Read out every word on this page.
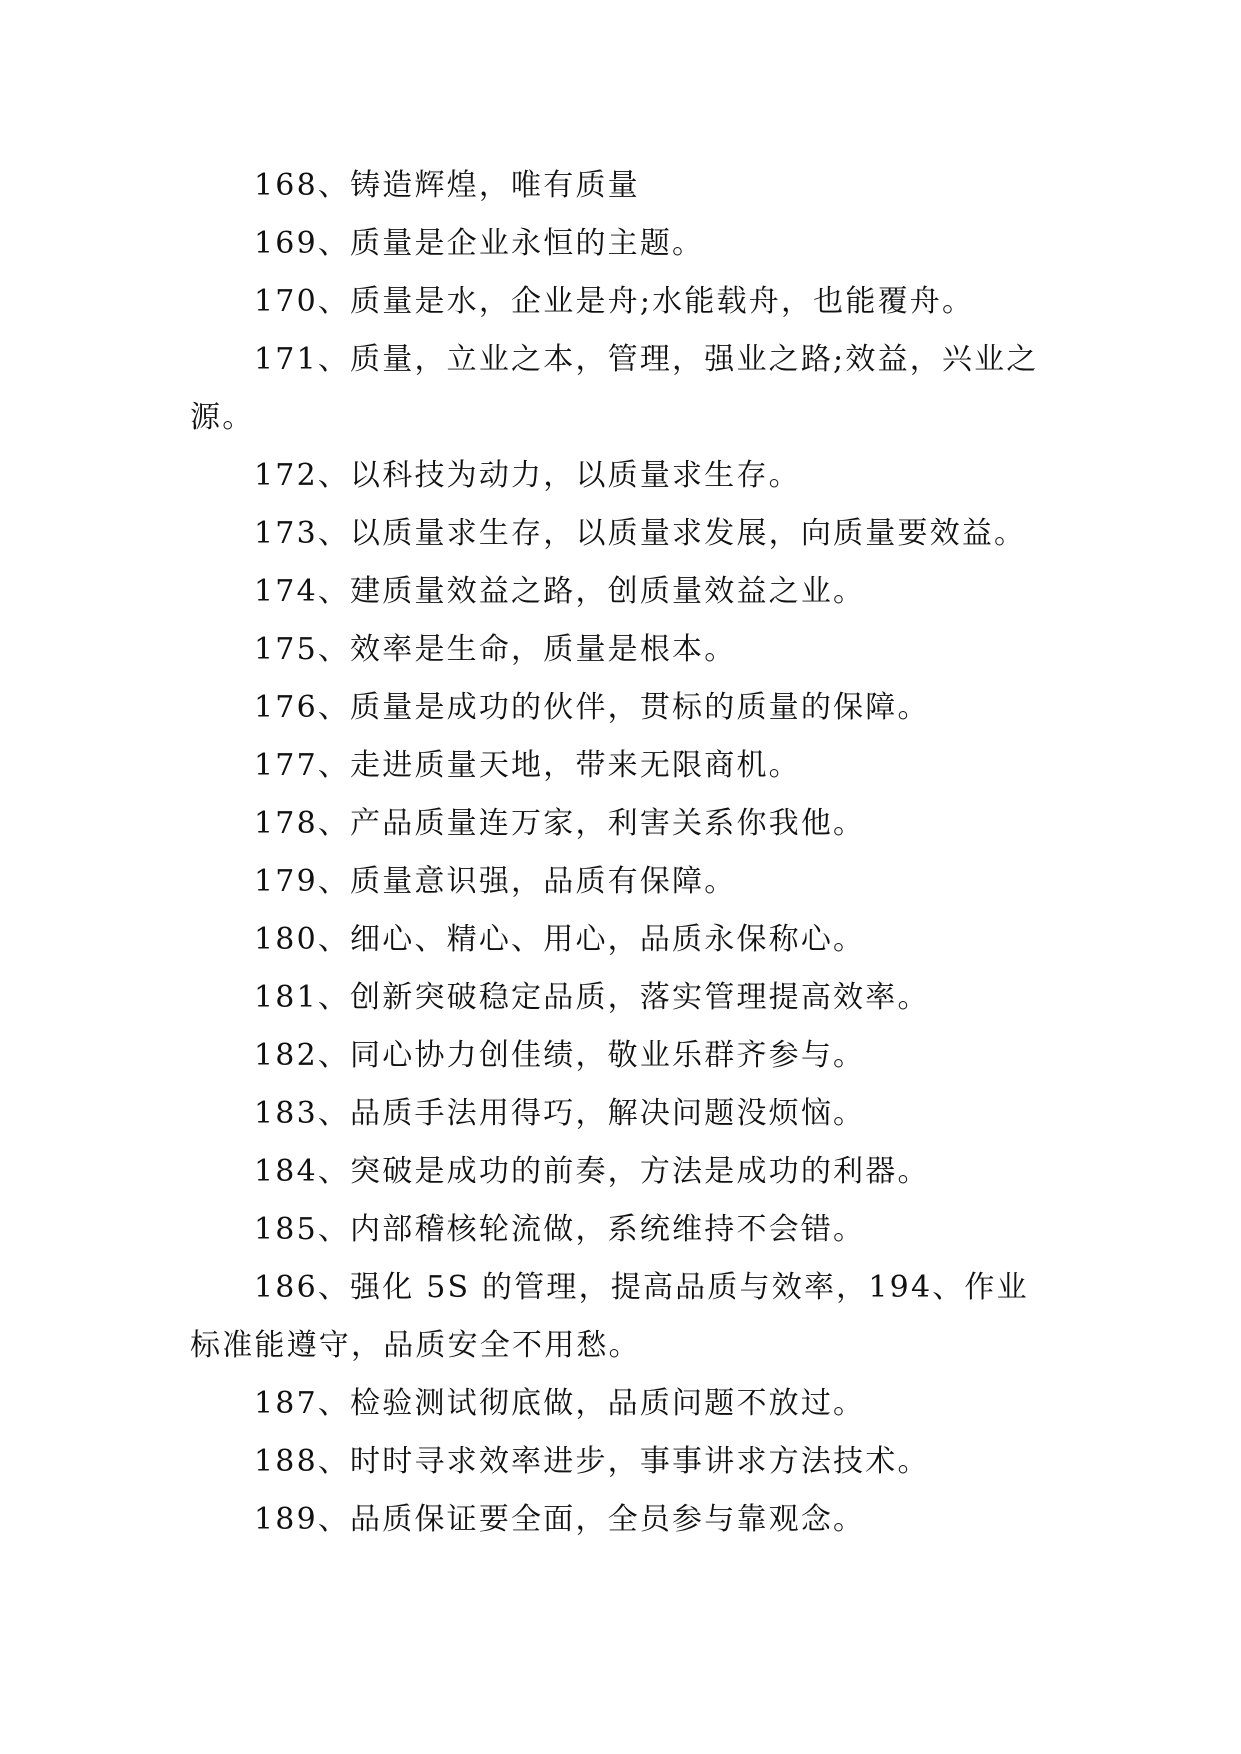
168、铸造辉煌，唯有质量

169、质量是企业永恒的主题。

170、质量是水，企业是舟;水能载舟，也能覆舟。

171、质量，立业之本，管理，强业之路;效益，兴业之源。

172、以科技为动力，以质量求生存。

173、以质量求生存，以质量求发展，向质量要效益。

174、建质量效益之路，创质量效益之业。

175、效率是生命，质量是根本。

176、质量是成功的伙伴，贯标的质量的保障。

177、走进质量天地，带来无限商机。

178、产品质量连万家，利害关系你我他。

179、质量意识强，品质有保障。

180、细心、精心、用心，品质永保称心。

181、创新突破稳定品质，落实管理提高效率。

182、同心协力创佳绩，敬业乐群齐参与。

183、品质手法用得巧，解决问题没烦恼。

184、突破是成功的前奏，方法是成功的利器。

185、内部稽核轮流做，系统维持不会错。

186、强化 5S 的管理，提高品质与效率，194、作业标准能遵守，品质安全不用愁。

187、检验测试彻底做，品质问题不放过。

188、时时寻求效率进步，事事讲求方法技术。

189、品质保证要全面，全员参与靠观念。
